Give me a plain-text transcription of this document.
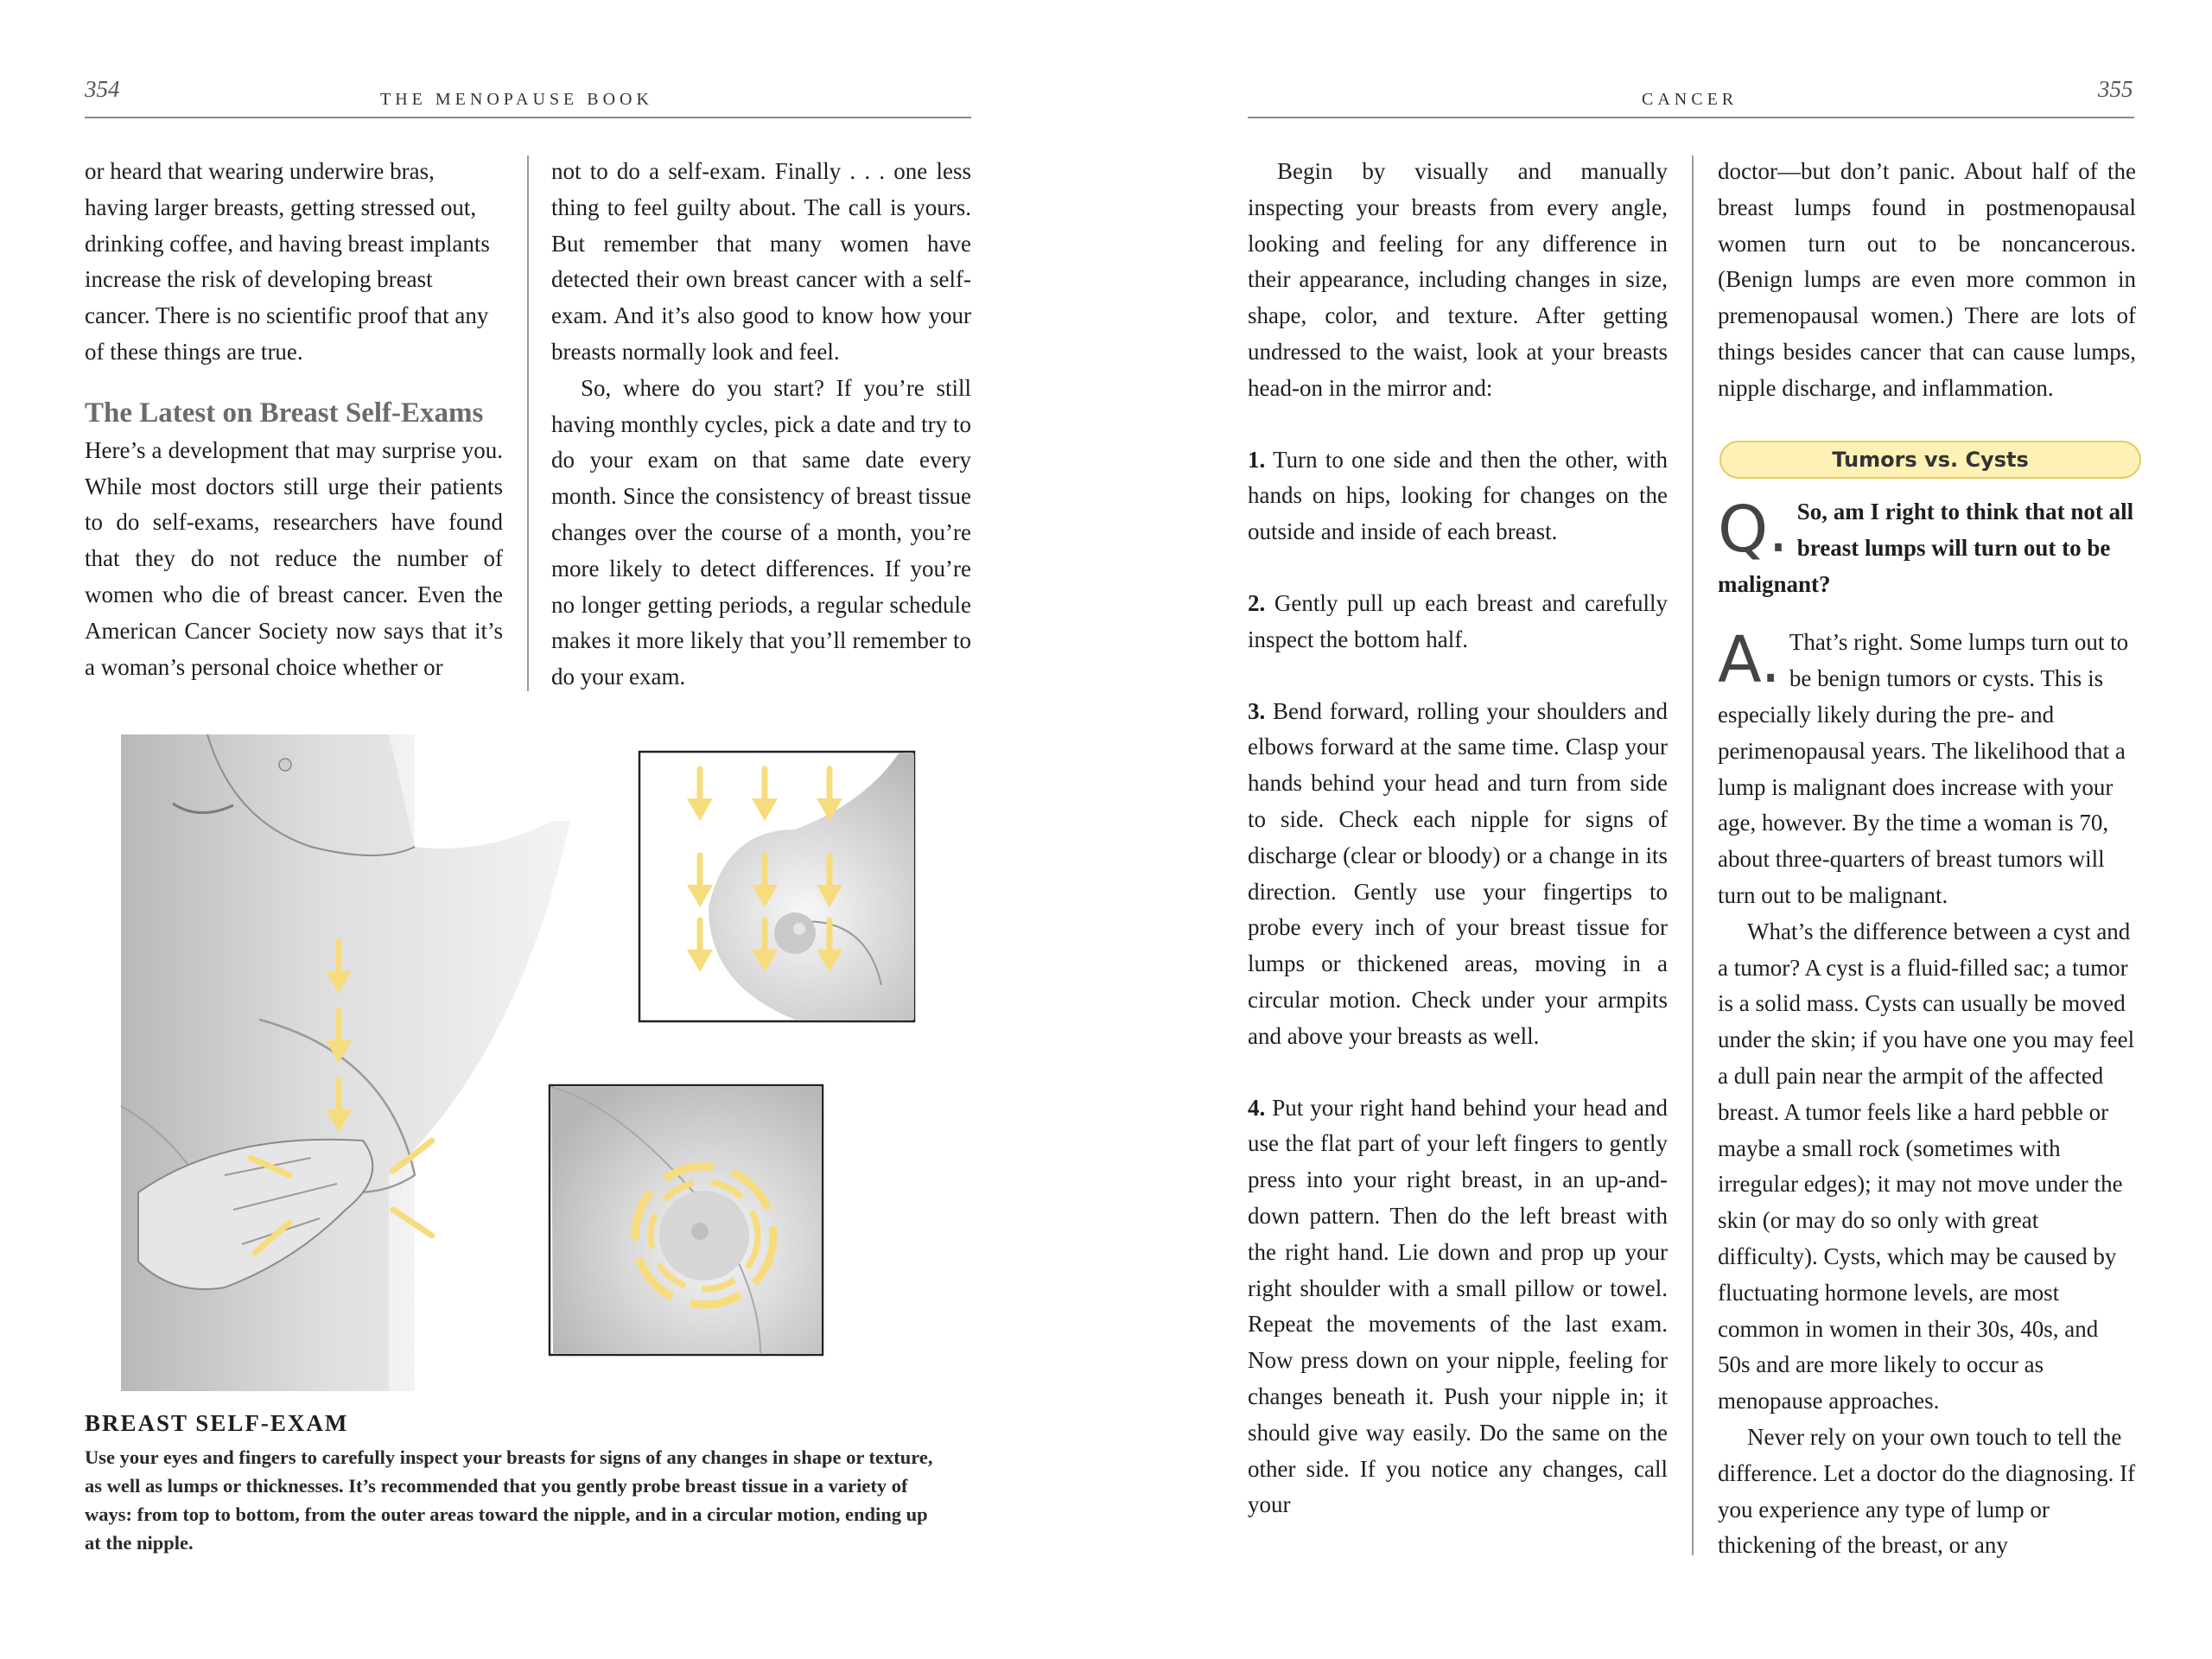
354	THE MENOPAUSE BOOK

or heard that wearing underwire bras, having larger breasts, getting stressed out, drinking coffee, and having breast implants increase the risk of developing breast cancer. There is no scientific proof that any of these things are true.

The Latest on Breast Self-Exams

Here’s a development that may surprise you. While most doctors still urge their patients to do self-exams, researchers have found that they do not reduce the number of women who die of breast cancer. Even the American Cancer Society now says that it’s a woman’s personal choice whether or

not to do a self-exam. Finally . . . one less thing to feel guilty about. The call is yours. But remember that many women have detected their own breast cancer with a self-exam. And it’s also good to know how your breasts normally look and feel.

So, where do you start? If you’re still having monthly cycles, pick a date and try to do your exam on that same date every month. Since the consistency of breast tissue changes over the course of a month, you’re more likely to detect differences. If you’re no longer getting periods, a regular schedule makes it more likely that you’ll remember to do your exam.

BREAST SELF-EXAM
Use your eyes and fingers to carefully inspect your breasts for signs of any changes in shape or texture, as well as lumps or thicknesses. It’s recommended that you gently probe breast tissue in a variety of ways: from top to bottom, from the outer areas toward the nipple, and in a circular motion, ending up at the nipple.
355
CANCER

Begin by visually and manually inspecting your breasts from every angle, looking and feeling for any difference in their appearance, including changes in size, shape, color, and texture. After getting undressed to the waist, look at your breasts head-on in the mirror and:

1. Turn to one side and then the other, with hands on hips, looking for changes on the outside and inside of each breast.

2. Gently pull up each breast and carefully inspect the bottom half.

3. Bend forward, rolling your shoulders and elbows forward at the same time. Clasp your hands behind your head and turn from side to side. Check each nipple for signs of discharge (clear or bloody) or a change in its direction. Gently use your fingertips to probe every inch of your breast tissue for lumps or thickened areas, moving in a circular motion. Check under your armpits and above your breasts as well.

4. Put your right hand behind your head and use the flat part of your left fingers to gently press into your right breast, in an up-and-down pattern. Then do the left breast with the right hand. Lie down and prop up your right shoulder with a small pillow or towel. Repeat the movements of the last exam. Now press down on your nipple, feeling for changes beneath it. Push your nipple in; it should give way easily. Do the same on the other side. If you notice any changes, call your

doctor—but don’t panic. About half of the breast lumps found in postmenopausal women turn out to be noncancerous. (Benign lumps are even more common in premenopausal women.) There are lots of things besides cancer that can cause lumps, nipple discharge, and inflammation.

Tumors vs. Cysts

Q. So, am I right to think that not all breast lumps will turn out to be malignant?

A. That’s right. Some lumps turn out to be benign tumors or cysts. This is especially likely during the pre- and perimenopausal years. The likelihood that a lump is malignant does increase with your age, however. By the time a woman is 70, about three-quarters of breast tumors will turn out to be malignant.

What’s the difference between a cyst and a tumor? A cyst is a fluid-filled sac; a tumor is a solid mass. Cysts can usually be moved under the skin; if you have one you may feel a dull pain near the armpit of the affected breast. A tumor feels like a hard pebble or maybe a small rock (sometimes with irregular edges); it may not move under the skin (or may do so only with great difficulty). Cysts, which may be caused by fluctuating hormone levels, are most common in women in their 30s, 40s, and 50s and are more likely to occur as menopause approaches.

Never rely on your own touch to tell the difference. Let a doctor do the diagnosing. If you experience any type of lump or thickening of the breast, or any
